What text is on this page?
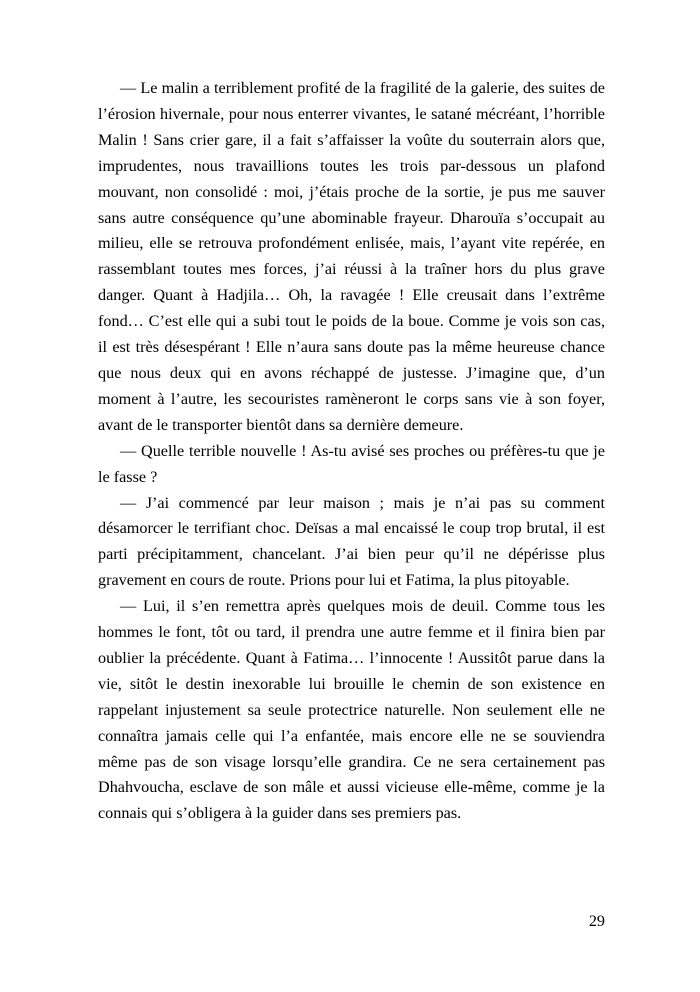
— Le malin a terriblement profité de la fragilité de la galerie, des suites de l’érosion hivernale, pour nous enterrer vivantes, le satané mécréant, l’horrible Malin ! Sans crier gare, il a fait s’affaisser la voûte du souterrain alors que, imprudentes, nous travaillions toutes les trois par-dessous un plafond mouvant, non consolidé : moi, j’étais proche de la sortie, je pus me sauver sans autre conséquence qu’une abominable frayeur. Dharouïa s’occupait au milieu, elle se retrouva profondément enlisée, mais, l’ayant vite repérée, en rassemblant toutes mes forces, j’ai réussi à la traîner hors du plus grave danger. Quant à Hadjila… Oh, la ravagée ! Elle creusait dans l’extrême fond… C’est elle qui a subi tout le poids de la boue. Comme je vois son cas, il est très désespérant ! Elle n’aura sans doute pas la même heureuse chance que nous deux qui en avons réchappé de justesse. J’imagine que, d’un moment à l’autre, les secouristes ramèneront le corps sans vie à son foyer, avant de le transporter bientôt dans sa dernière demeure.

— Quelle terrible nouvelle ! As-tu avisé ses proches ou préfères-tu que je le fasse ?

— J’ai commencé par leur maison ; mais je n’ai pas su comment désamorcer le terrifiant choc. Deïsas a mal encaissé le coup trop brutal, il est parti précipitamment, chancelant. J’ai bien peur qu’il ne dépérisse plus gravement en cours de route. Prions pour lui et Fatima, la plus pitoyable.

— Lui, il s’en remettra après quelques mois de deuil. Comme tous les hommes le font, tôt ou tard, il prendra une autre femme et il finira bien par oublier la précédente. Quant à Fatima… l’innocente ! Aussitôt parue dans la vie, sitôt le destin inexorable lui brouille le chemin de son existence en rappelant injustement sa seule protectrice naturelle. Non seulement elle ne connaîtra jamais celle qui l’a enfantée, mais encore elle ne se souviendra même pas de son visage lorsqu’elle grandira. Ce ne sera certainement pas Dhahvoucha, esclave de son mâle et aussi vicieuse elle-même, comme je la connais qui s’obligera à la guider dans ses premiers pas.

29
